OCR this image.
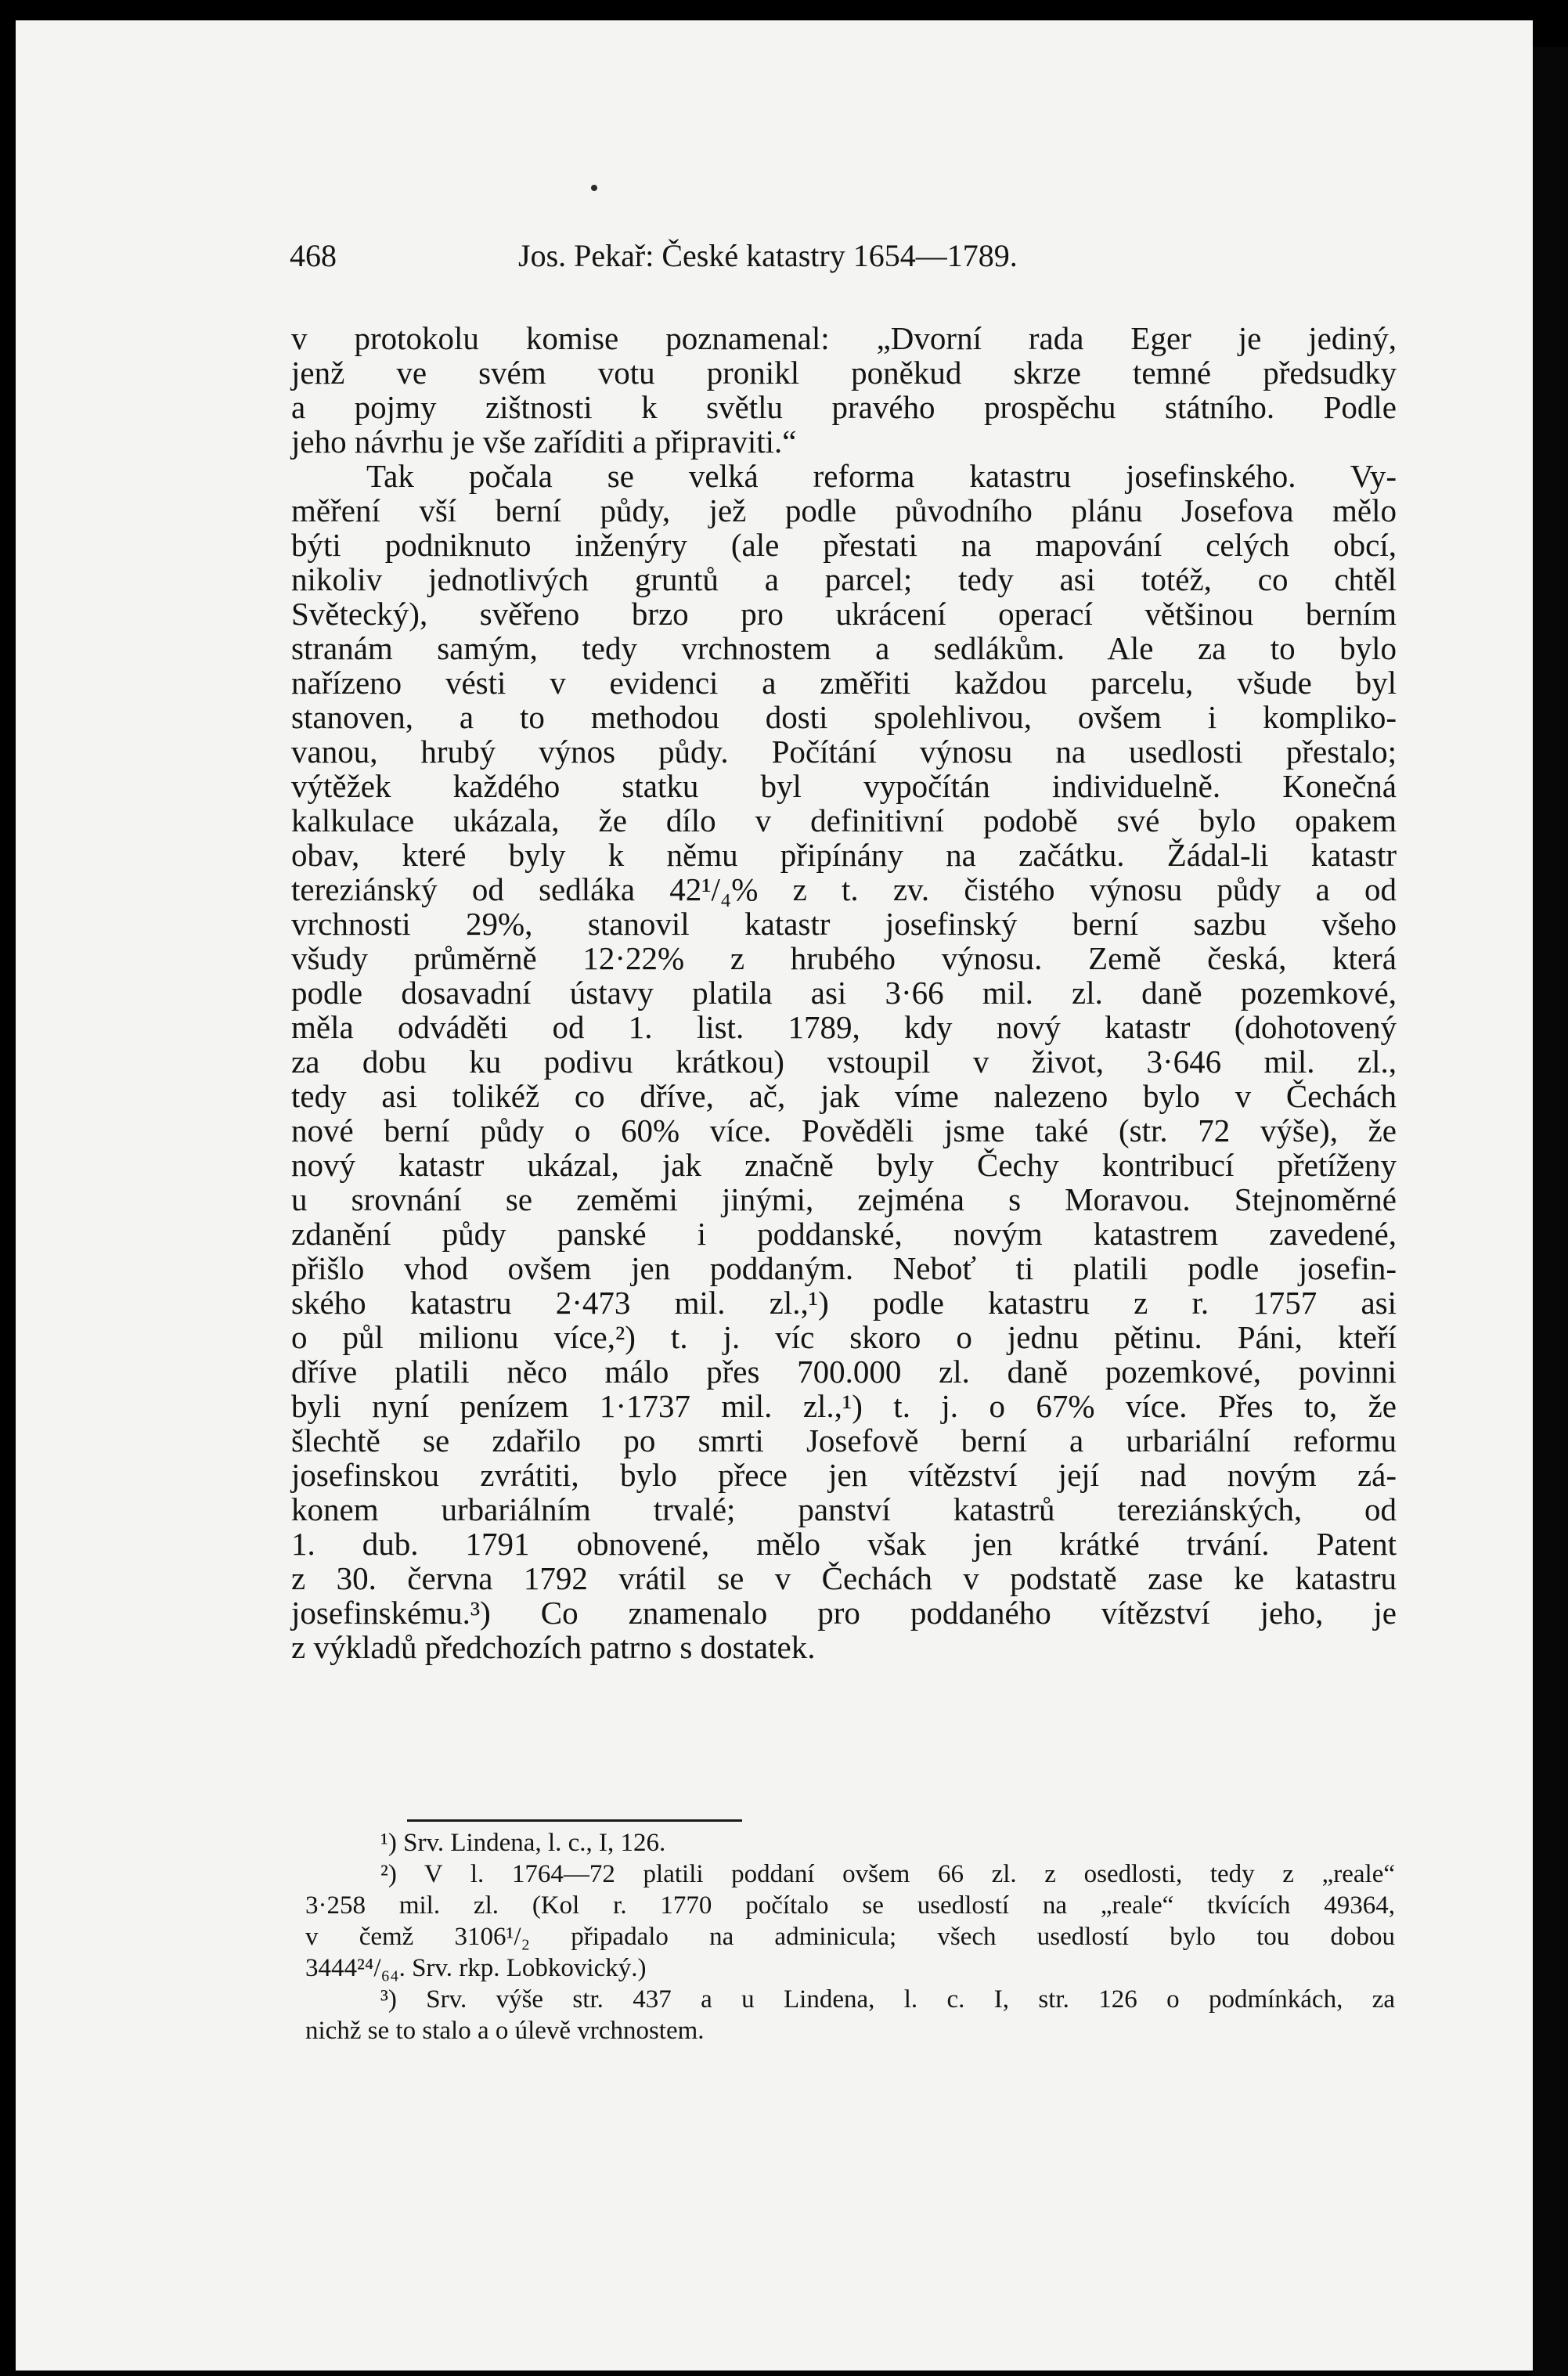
468	Jos. Pekař: České katastry 1654—1789.
v protokolu komise poznamenal: „Dvorní rada Eger je jediný,
jenž ve svém votu pronikl poněkud skrze temné předsudky
a pojmy zištnosti k světlu pravého prospěchu státního. Podle
jeho návrhu je vše zaříditi a připraviti.“
Tak počala se velká reforma katastru josefinského. Vy-
měření vší berní půdy, jež podle původního plánu Josefova mělo
býti podniknuto inženýry (ale přestati na mapování celých obcí,
nikoliv jednotlivých gruntů a parcel; tedy asi totéž, co chtěl
Světecký), svěřeno brzo pro ukrácení operací většinou berním
stranám samým, tedy vrchnostem a sedlákům. Ale za to bylo
nařízeno vésti v evidenci a změřiti každou parcelu, všude byl
stanoven, a to methodou dosti spolehlivou, ovšem i kompliko-
vanou, hrubý výnos půdy. Počítání výnosu na usedlosti přestalo;
výtěžek každého statku byl vypočítán individuelně. Konečná
kalkulace ukázala, že dílo v definitivní podobě své bylo opakem
obav, které byly k němu připínány na začátku. Žádal-li katastr
tereziánský od sedláka 42¹/₄% z t. zv. čistého výnosu půdy a od
vrchnosti 29%, stanovil katastr josefinský berní sazbu všeho
všudy průměrně 12·22% z hrubého výnosu. Země česká, která
podle dosavadní ústavy platila asi 3·66 mil. zl. daně pozemkové,
měla odváděti od 1. list. 1789, kdy nový katastr (dohotovený
za dobu ku podivu krátkou) vstoupil v život, 3·646 mil. zl.,
tedy asi tolikéž co dříve, ač, jak víme nalezeno bylo v Čechách
nové berní půdy o 60% více. Pověděli jsme také (str. 72 výše), že
nový katastr ukázal, jak značně byly Čechy kontribucí přetíženy
u srovnání se zeměmi jinými, zejména s Moravou. Stejnoměrné
zdanění půdy panské i poddanské, novým katastrem zavedené,
přišlo vhod ovšem jen poddaným. Neboť ti platili podle josefin-
ského katastru 2·473 mil. zl.,¹) podle katastru z r. 1757 asi
o půl milionu více,²) t. j. víc skoro o jednu pětinu. Páni, kteří
dříve platili něco málo přes 700.000 zl. daně pozemkové, povinni
byli nyní penízem 1·1737 mil. zl.,¹) t. j. o 67% více. Přes to, že
šlechtě se zdařilo po smrti Josefově berní a urbariální reformu
josefinskou zvrátiti, bylo přece jen vítězství její nad novým zá-
konem urbariálním trvalé; panství katastrů tereziánských, od
1. dub. 1791 obnovené, mělo však jen krátké trvání. Patent
z 30. června 1792 vrátil se v Čechách v podstatě zase ke katastru
josefinskému.³) Co znamenalo pro poddaného vítězství jeho, je
z výkladů předchozích patrno s dostatek.
¹) Srv. Lindena, l. c., I, 126.
²) V l. 1764—72 platili poddaní ovšem 66 zl. z osedlosti, tedy z „reale“
3·258 mil. zl. (Kol r. 1770 počítalo se usedlostí na „reale“ tkvících 49364,
v čemž 3106¹/₂ připadalo na adminicula; všech usedlostí bylo tou dobou
3444²⁴/₆₄. Srv. rkp. Lobkovický.)
³) Srv. výše str. 437 a u Lindena, l. c. I, str. 126 o podmínkách, za
nichž se to stalo a o úlevě vrchnostem.
